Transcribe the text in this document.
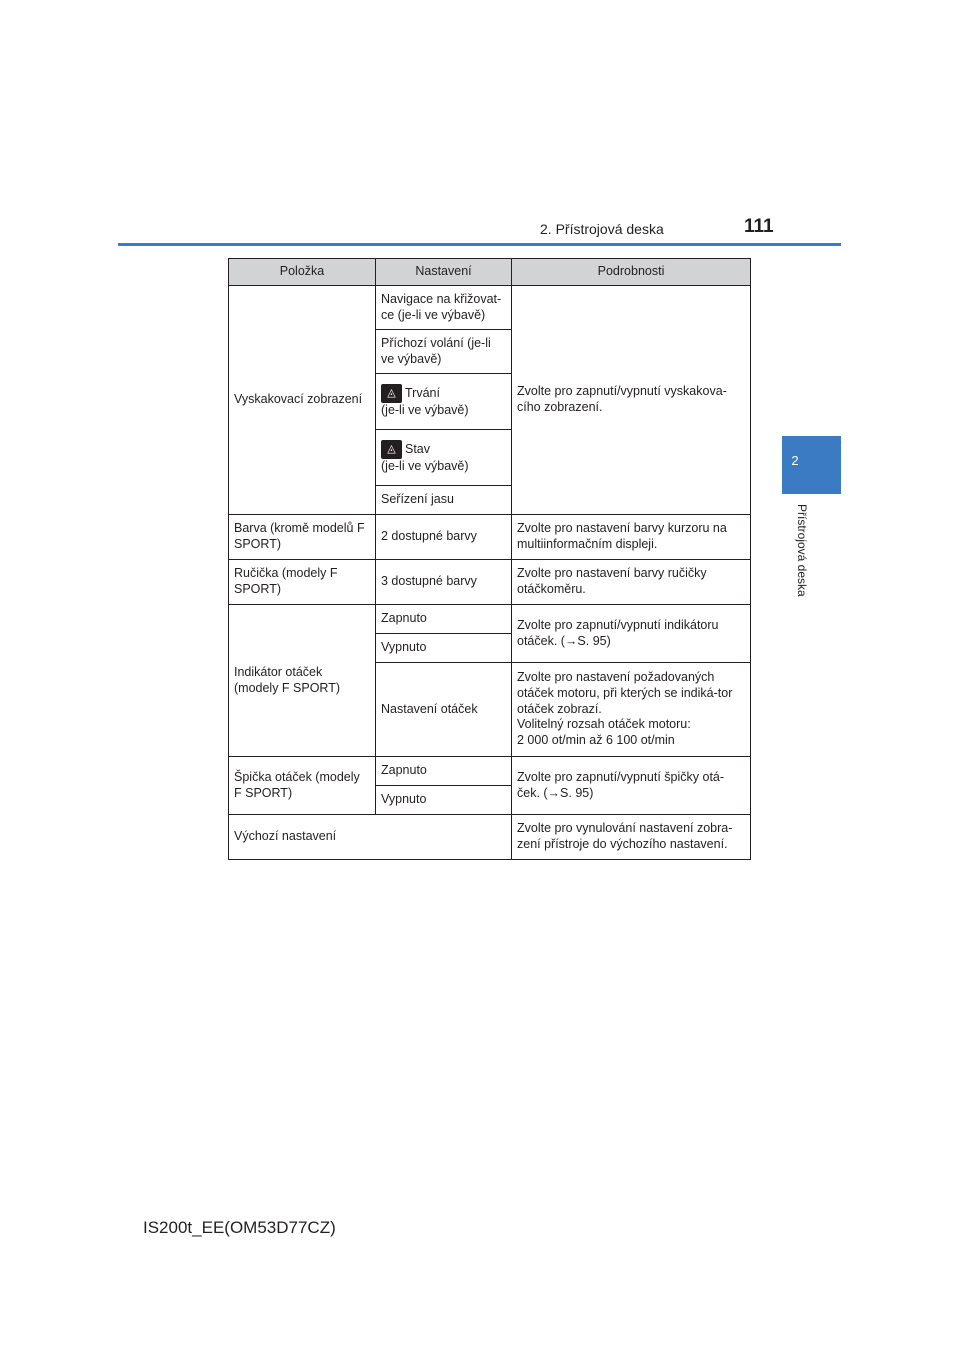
2. Přístrojová deska	111
2
Přístrojová deska
Položka	Nastavení	Podrobnosti
Vyskakovací zobrazení	Navigace na křižovat-ce (je-li ve výbavě)	Zvolte pro zapnutí/vypnutí vyskakova-cího zobrazení.
	Příchozí volání (je-li ve výbavě)	
	◬ Trvání
(je-li ve výbavě)	
	◬ Stav
(je-li ve výbavě)	
	Seřízení jasu	
Barva (kromě modelů F SPORT)	2 dostupné barvy	Zvolte pro nastavení barvy kurzoru na multiinformačním displeji.
Ručička (modely F SPORT)	3 dostupné barvy	Zvolte pro nastavení barvy ručičky otáčkoměru.
Indikátor otáček (modely F SPORT)	Zapnuto	Zvolte pro zapnutí/vypnutí indikátoru otáček. (→S. 95)
	Vypnuto	
	Nastavení otáček	Zvolte pro nastavení požadovaných otáček motoru, při kterých se indiká-tor otáček zobrazí.
Volitelný rozsah otáček motoru:
2 000 ot/min až 6 100 ot/min
Špička otáček (modely F SPORT)	Zapnuto	Zvolte pro zapnutí/vypnutí špičky otá-ček. (→S. 95)
	Vypnuto	
Výchozí nastavení		Zvolte pro vynulování nastavení zobra-zení přístroje do výchozího nastavení.
IS200t_EE(OM53D77CZ)
